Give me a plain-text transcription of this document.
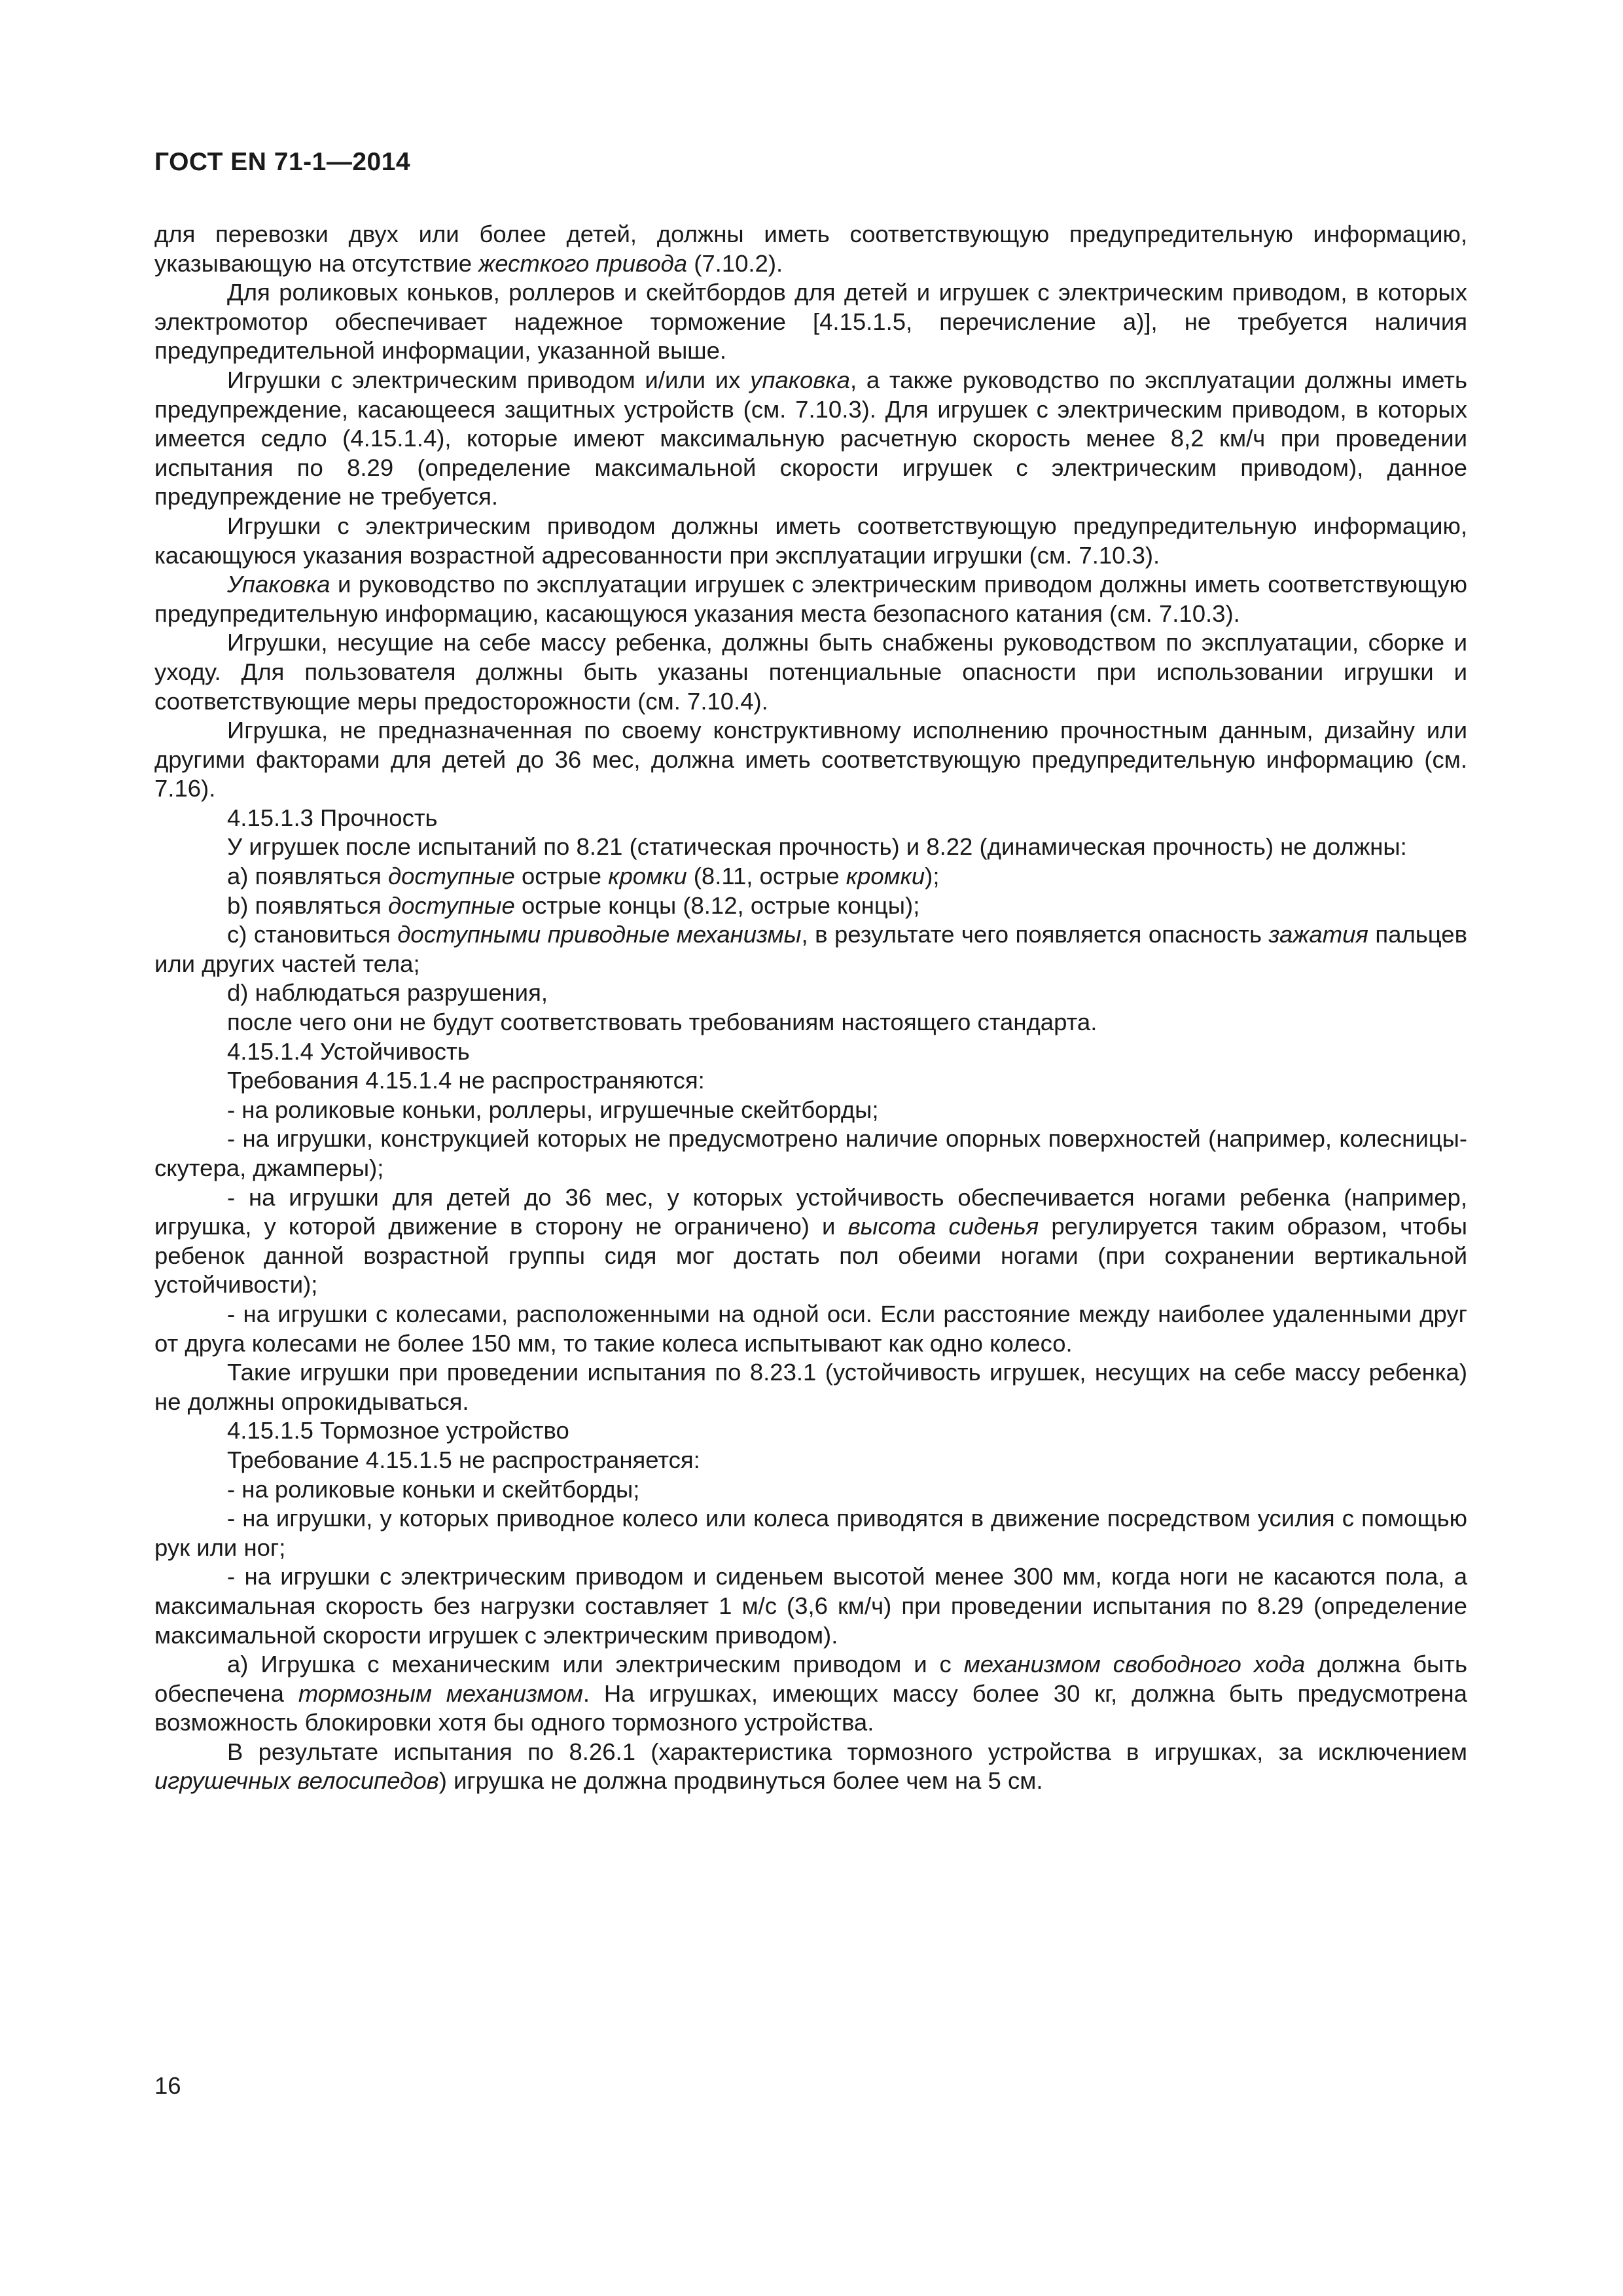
ГОСТ EN 71-1—2014

для перевозки двух или более детей, должны иметь соответствующую предупредительную информацию, указывающую на отсутствие жесткого привода (7.10.2).

Для роликовых коньков, роллеров и скейтбордов для детей и игрушек с электрическим приводом, в которых электромотор обеспечивает надежное торможение [4.15.1.5, перечисление а)], не требуется наличия предупредительной информации, указанной выше.

Игрушки с электрическим приводом и/или их упаковка, а также руководство по эксплуатации должны иметь предупреждение, касающееся защитных устройств (см. 7.10.3). Для игрушек с электрическим приводом, в которых имеется седло (4.15.1.4), которые имеют максимальную расчетную скорость менее 8,2 км/ч при проведении испытания по 8.29 (определение максимальной скорости игрушек с электрическим приводом), данное предупреждение не требуется.

Игрушки с электрическим приводом должны иметь соответствующую предупредительную информацию, касающуюся указания возрастной адресованности при эксплуатации игрушки (см. 7.10.3).

Упаковка и руководство по эксплуатации игрушек с электрическим приводом должны иметь соответствующую предупредительную информацию, касающуюся указания места безопасного катания (см. 7.10.3).

Игрушки, несущие на себе массу ребенка, должны быть снабжены руководством по эксплуатации, сборке и уходу. Для пользователя должны быть указаны потенциальные опасности при использовании игрушки и соответствующие меры предосторожности (см. 7.10.4).

Игрушка, не предназначенная по своему конструктивному исполнению прочностным данным, дизайну или другими факторами для детей до 36 мес, должна иметь соответствующую предупредительную информацию (см. 7.16).

4.15.1.3 Прочность

У игрушек после испытаний по 8.21 (статическая прочность) и 8.22 (динамическая прочность) не должны:

a) появляться доступные острые кромки (8.11, острые кромки);

b) появляться доступные острые концы (8.12, острые концы);

c) становиться доступными приводные механизмы, в результате чего появляется опасность зажатия пальцев или других частей тела;

d) наблюдаться разрушения,

после чего они не будут соответствовать требованиям настоящего стандарта.

4.15.1.4 Устойчивость

Требования 4.15.1.4 не распространяются:

- на роликовые коньки, роллеры, игрушечные скейтборды;

- на игрушки, конструкцией которых не предусмотрено наличие опорных поверхностей (например, колесницы-скутера, джамперы);

- на игрушки для детей до 36 мес, у которых устойчивость обеспечивается ногами ребенка (например, игрушка, у которой движение в сторону не ограничено) и высота сиденья регулируется таким образом, чтобы ребенок данной возрастной группы сидя мог достать пол обеими ногами (при сохранении вертикальной устойчивости);

- на игрушки с колесами, расположенными на одной оси. Если расстояние между наиболее удаленными друг от друга колесами не более 150 мм, то такие колеса испытывают как одно колесо.

Такие игрушки при проведении испытания по 8.23.1 (устойчивость игрушек, несущих на себе массу ребенка) не должны опрокидываться.

4.15.1.5 Тормозное устройство

Требование 4.15.1.5 не распространяется:

- на роликовые коньки и скейтборды;

- на игрушки, у которых приводное колесо или колеса приводятся в движение посредством усилия с помощью рук или ног;

- на игрушки с электрическим приводом и сиденьем высотой менее 300 мм, когда ноги не касаются пола, а максимальная скорость без нагрузки составляет 1 м/с (3,6 км/ч) при проведении испытания по 8.29 (определение максимальной скорости игрушек с электрическим приводом).

a) Игрушка с механическим или электрическим приводом и с механизмом свободного хода должна быть обеспечена тормозным механизмом. На игрушках, имеющих массу более 30 кг, должна быть предусмотрена возможность блокировки хотя бы одного тормозного устройства.

В результате испытания по 8.26.1 (характеристика тормозного устройства в игрушках, за исключением игрушечных велосипедов) игрушка не должна продвинуться более чем на 5 см.

16
